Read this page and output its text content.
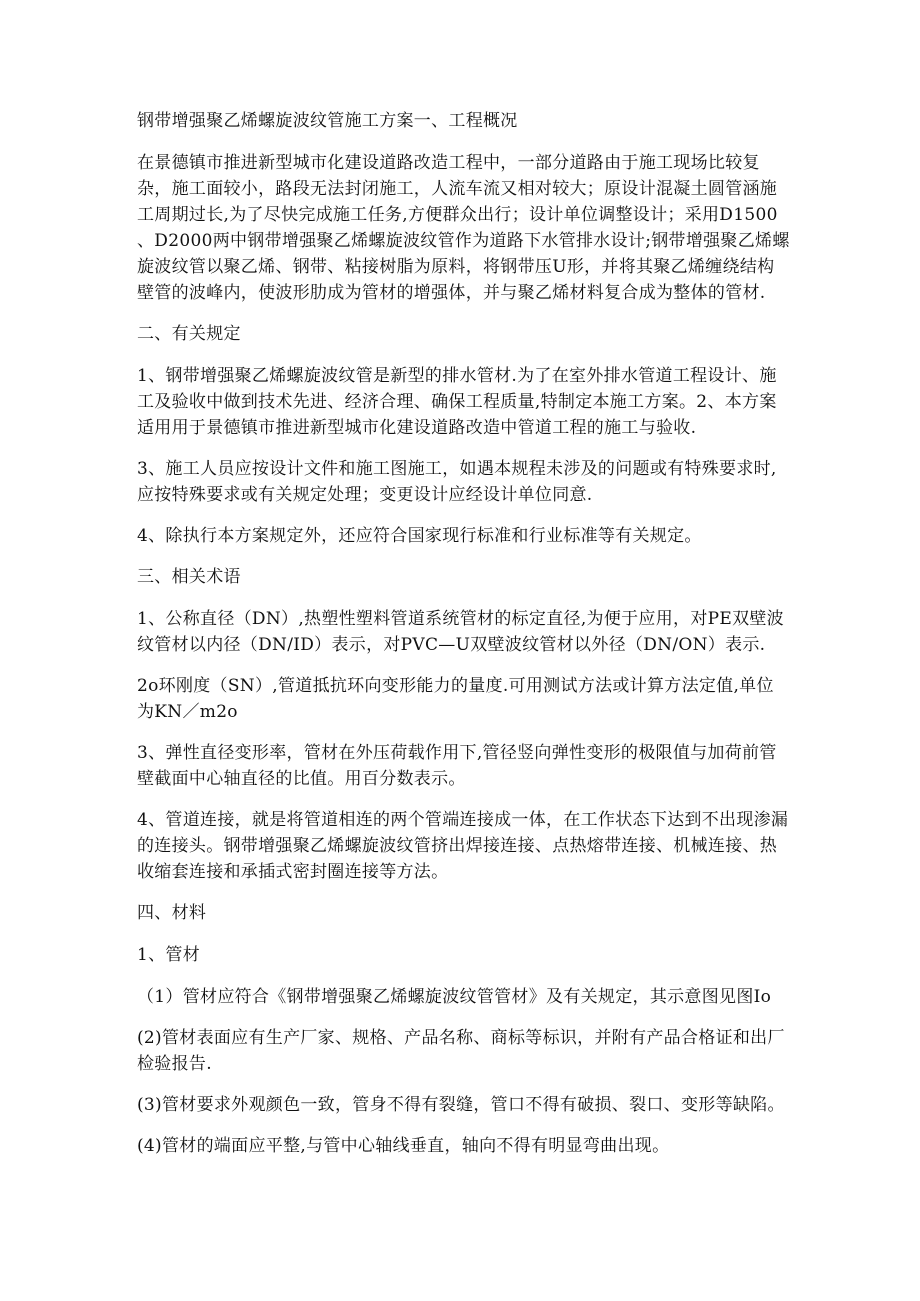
钢带增强聚乙烯螺旋波纹管施工方案一、工程概况

在景德镇市推进新型城市化建设道路改造工程中，一部分道路由于施工现场比较复

杂，施工面较小，路段无法封闭施工，人流车流又相对较大；原设计混凝土圆管涵施

工周期过长,为了尽快完成施工任务,方便群众出行；设计单位调整设计；采用D1500

、D2000两中钢带增强聚乙烯螺旋波纹管作为道路下水管排水设计;钢带增强聚乙烯螺

旋波纹管以聚乙烯、钢带、粘接树脂为原料，将钢带压U形，并将其聚乙烯缠绕结构

壁管的波峰内，使波形肋成为管材的增强体，并与聚乙烯材料复合成为整体的管材.

二、有关规定

1、钢带增强聚乙烯螺旋波纹管是新型的排水管材.为了在室外排水管道工程设计、施

工及验收中做到技术先进、经济合理、确保工程质量,特制定本施工方案。2、本方案

适用用于景德镇市推进新型城市化建设道路改造中管道工程的施工与验收.

3、施工人员应按设计文件和施工图施工，如遇本规程未涉及的问题或有特殊要求时,

应按特殊要求或有关规定处理；变更设计应经设计单位同意.

4、除执行本方案规定外，还应符合国家现行标准和行业标准等有关规定。

三、相关术语

1、公称直径（DN）,热塑性塑料管道系统管材的标定直径,为便于应用，对PE双壁波

纹管材以内径（DN/ID）表示，对PVC—U双壁波纹管材以外径（DN/ON）表示.

2o环刚度（SN）,管道抵抗环向变形能力的量度.可用测试方法或计算方法定值,单位

为KN／m2o

3、弹性直径变形率，管材在外压荷载作用下,管径竖向弹性变形的极限值与加荷前管

壁截面中心轴直径的比值。用百分数表示。

4、管道连接，就是将管道相连的两个管端连接成一体，在工作状态下达到不出现渗漏

的连接头。钢带增强聚乙烯螺旋波纹管挤出焊接连接、点热熔带连接、机械连接、热

收缩套连接和承插式密封圈连接等方法。

四、材料

1、管材

（1）管材应符合《钢带增强聚乙烯螺旋波纹管管材》及有关规定，其示意图见图Io

(2)管材表面应有生产厂家、规格、产品名称、商标等标识，并附有产品合格证和出厂

检验报告.

(3)管材要求外观颜色一致，管身不得有裂缝，管口不得有破损、裂口、变形等缺陷。

(4)管材的端面应平整,与管中心轴线垂直，轴向不得有明显弯曲出现。
